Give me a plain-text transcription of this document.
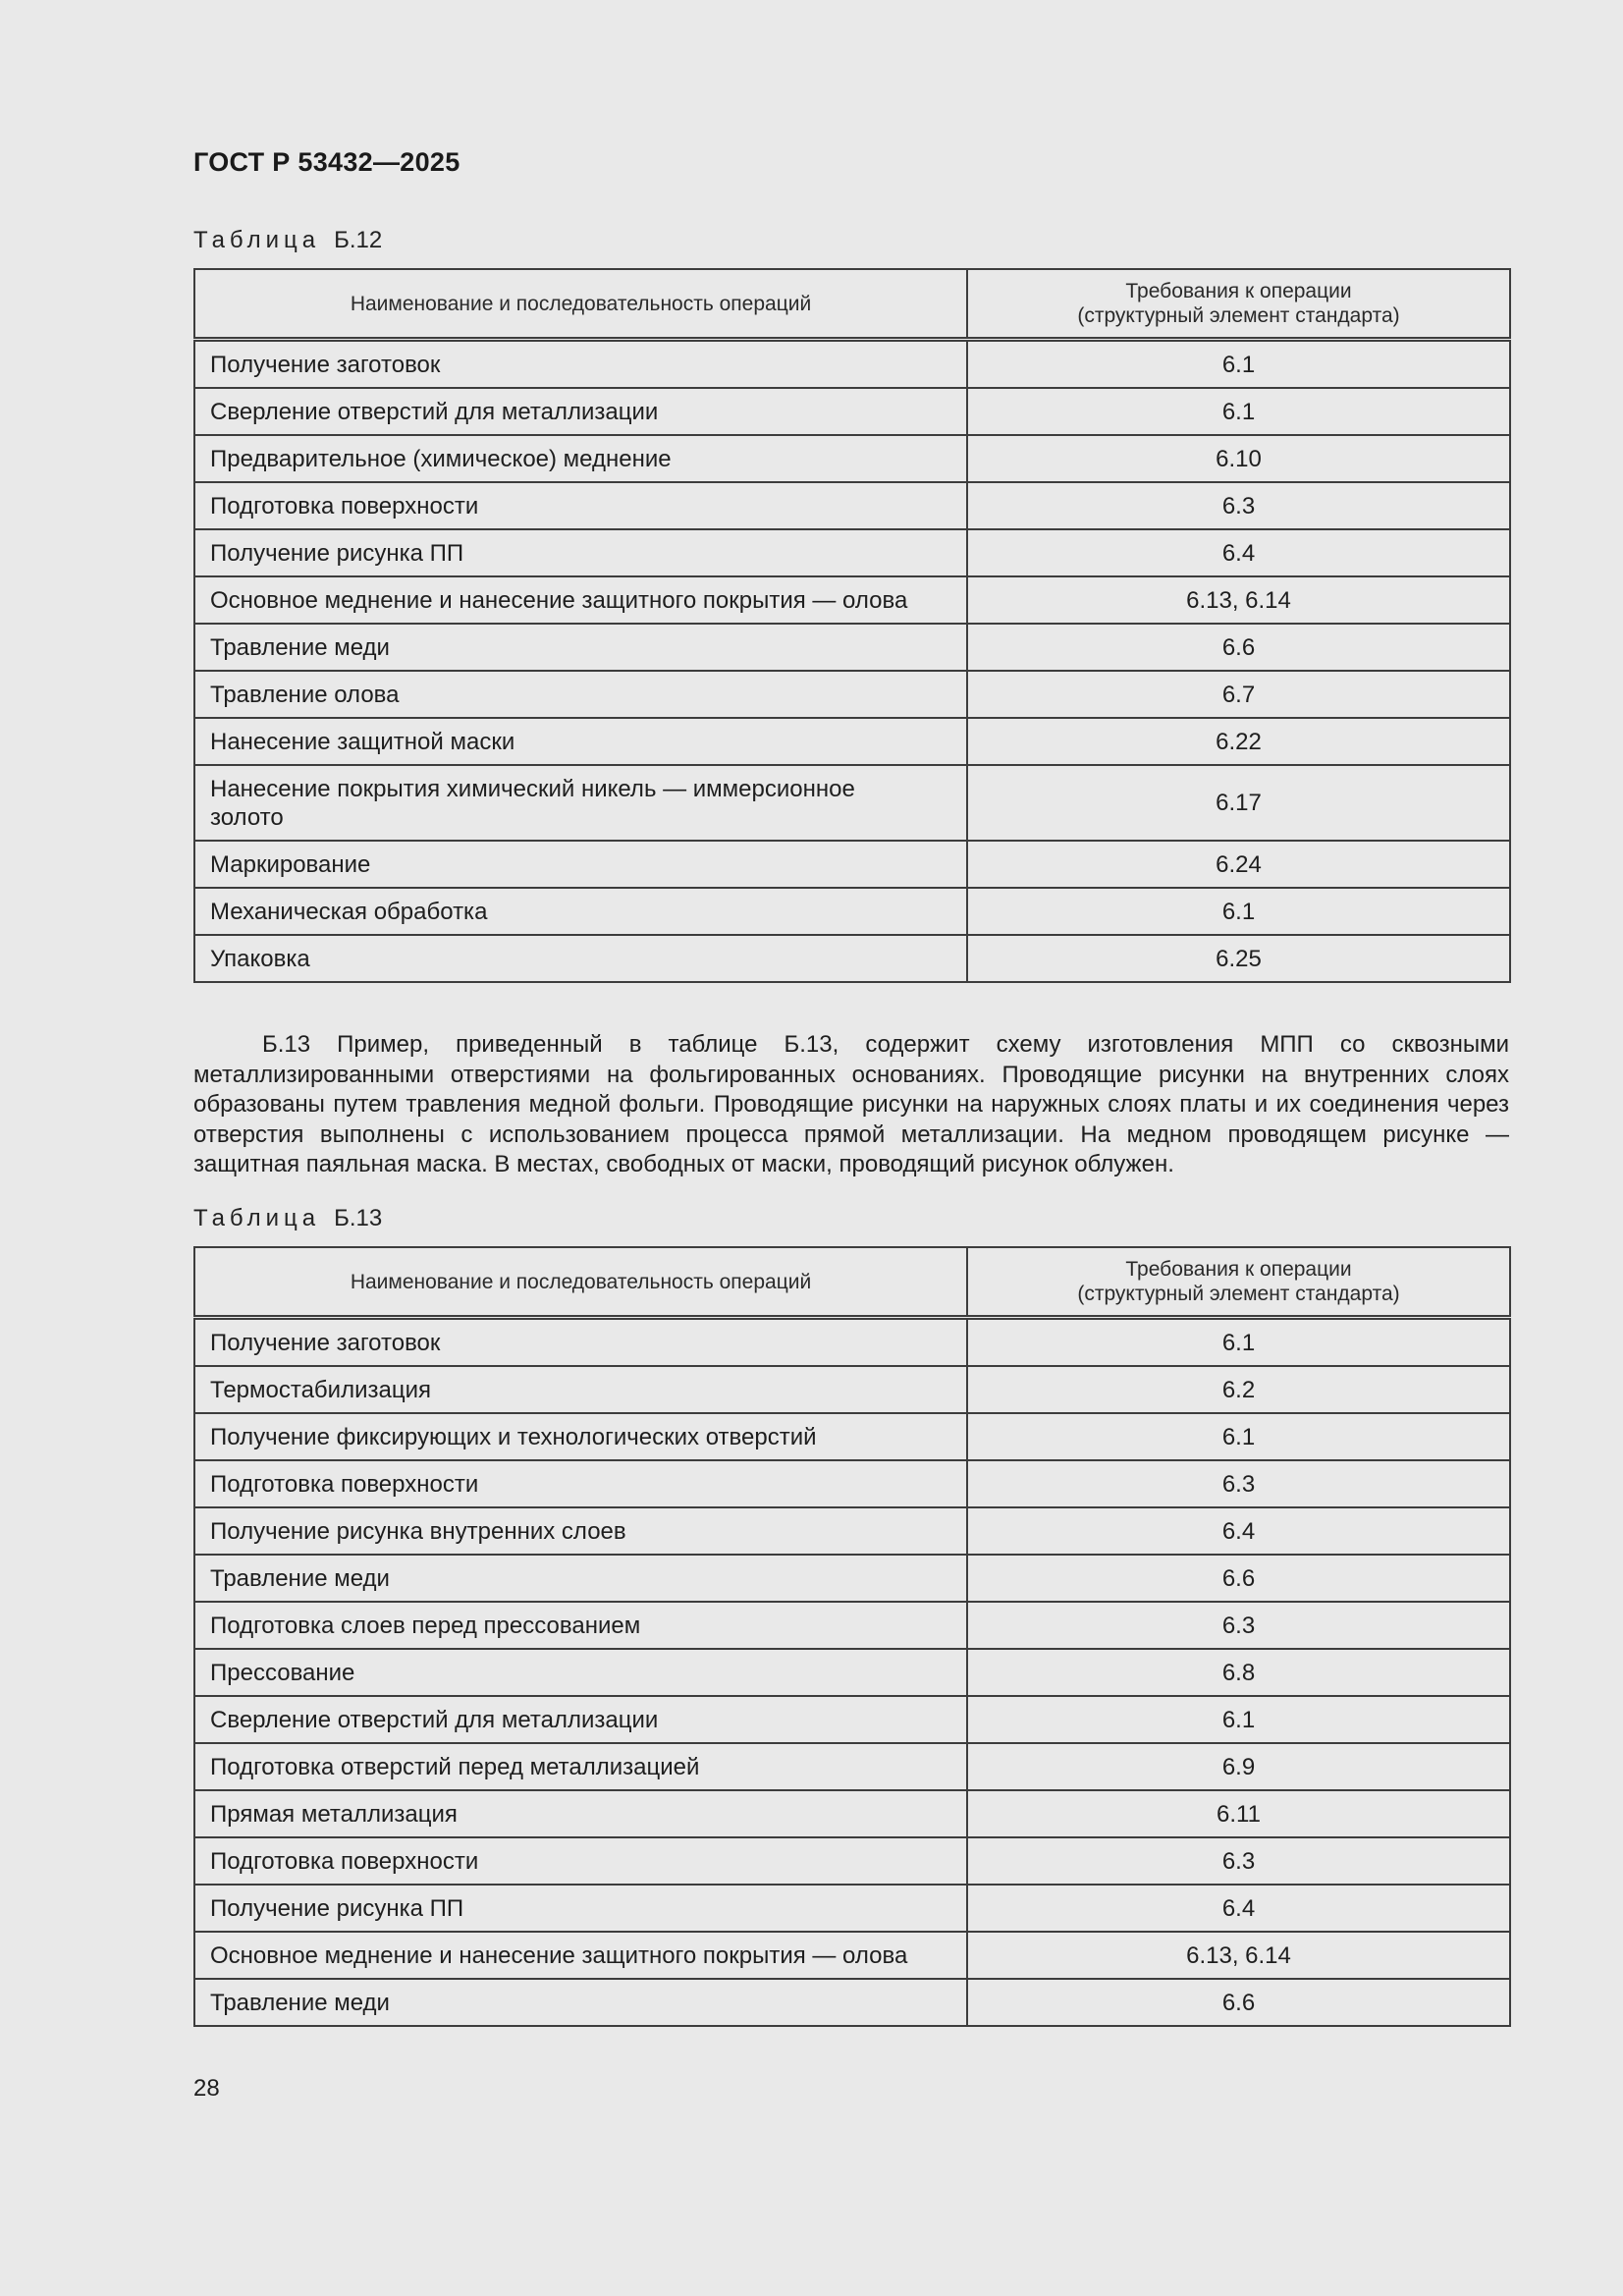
ГОСТ Р 53432—2025
Таблица Б.12
Наименование и последовательность операций	Требования к операции
(структурный элемент стандарта)

Получение заготовок	6.1
Сверление отверстий для металлизации	6.1
Предварительное (химическое) меднение	6.10
Подготовка поверхности	6.3
Получение рисунка ПП	6.4
Основное меднение и нанесение защитного покрытия — олова	6.13, 6.14
Травление меди	6.6
Травление олова	6.7
Нанесение защитной маски	6.22
Нанесение покрытия химический никель — иммерсионное золото	6.17
Маркирование	6.24
Механическая обработка	6.1
Упаковка	6.25
Б.13 Пример, приведенный в таблице Б.13, содержит схему изготовления МПП со сквозными металлизированными отверстиями на фольгированных основаниях. Проводящие рисунки на внутренних слоях образованы путем травления медной фольги. Проводящие рисунки на наружных слоях платы и их соединения через отверстия выполнены с использованием процесса прямой металлизации. На медном проводящем рисунке — защитная паяльная маска. В местах, свободных от маски, проводящий рисунок облужен.
Таблица Б.13
Наименование и последовательность операций	Требования к операции
(структурный элемент стандарта)

Получение заготовок	6.1
Термостабилизация	6.2
Получение фиксирующих и технологических отверстий	6.1
Подготовка поверхности	6.3
Получение рисунка внутренних слоев	6.4
Травление меди	6.6
Подготовка слоев перед прессованием	6.3
Прессование	6.8
Сверление отверстий для металлизации	6.1
Подготовка отверстий перед металлизацией	6.9
Прямая металлизация	6.11
Подготовка поверхности	6.3
Получение рисунка ПП	6.4
Основное меднение и нанесение защитного покрытия — олова	6.13, 6.14
Травление меди	6.6
28
